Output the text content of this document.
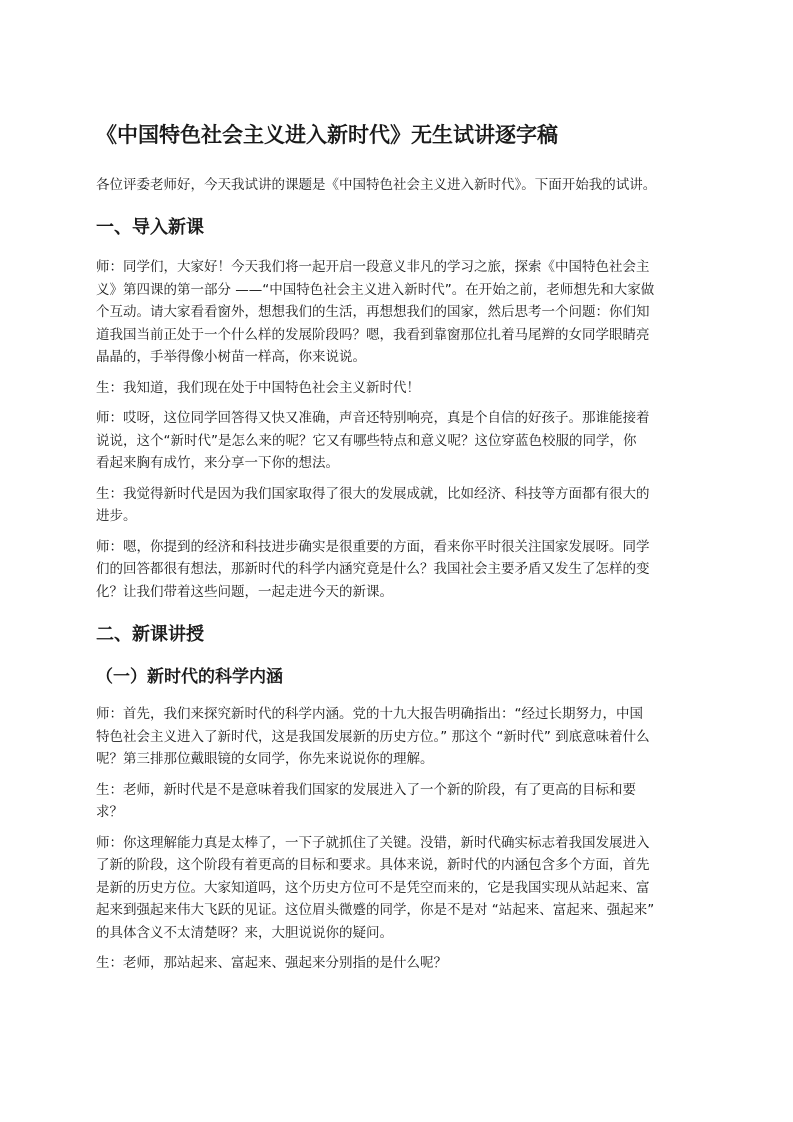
《中国特色社会主义进入新时代》无生试讲逐字稿

各位评委老师好，今天我试讲的课题是《中国特色社会主义进入新时代》。下面开始我的试讲。

一、导入新课

师：同学们，大家好！今天我们将一起开启一段意义非凡的学习之旅，探索《中国特色社会主
义》第四课的第一部分 ——“中国特色社会主义进入新时代”。在开始之前，老师想先和大家做
个互动。请大家看看窗外，想想我们的生活，再想想我们的国家，然后思考一个问题：你们知
道我国当前正处于一个什么样的发展阶段吗？嗯，我看到靠窗那位扎着马尾辫的女同学眼睛亮
晶晶的，手举得像小树苗一样高，你来说说。

生：我知道，我们现在处于中国特色社会主义新时代！

师：哎呀，这位同学回答得又快又准确，声音还特别响亮，真是个自信的好孩子。那谁能接着
说说，这个“新时代”是怎么来的呢？它又有哪些特点和意义呢？这位穿蓝色校服的同学，你
看起来胸有成竹，来分享一下你的想法。

生：我觉得新时代是因为我们国家取得了很大的发展成就，比如经济、科技等方面都有很大的
进步。

师：嗯，你提到的经济和科技进步确实是很重要的方面，看来你平时很关注国家发展呀。同学
们的回答都很有想法，那新时代的科学内涵究竟是什么？我国社会主要矛盾又发生了怎样的变
化？让我们带着这些问题，一起走进今天的新课。

二、新课讲授
（一）新时代的科学内涵

师：首先，我们来探究新时代的科学内涵。党的十九大报告明确指出：“经过长期努力，中国
特色社会主义进入了新时代，这是我国发展新的历史方位。” 那这个 “新时代” 到底意味着什么
呢？第三排那位戴眼镜的女同学，你先来说说你的理解。

生：老师，新时代是不是意味着我们国家的发展进入了一个新的阶段，有了更高的目标和要
求？

师：你这理解能力真是太棒了，一下子就抓住了关键。没错，新时代确实标志着我国发展进入
了新的阶段，这个阶段有着更高的目标和要求。具体来说，新时代的内涵包含多个方面，首先
是新的历史方位。大家知道吗，这个历史方位可不是凭空而来的，它是我国实现从站起来、富
起来到强起来伟大飞跃的见证。这位眉头微蹙的同学，你是不是对 “站起来、富起来、强起来”
的具体含义不太清楚呀？来，大胆说说你的疑问。

生：老师，那站起来、富起来、强起来分别指的是什么呢？
